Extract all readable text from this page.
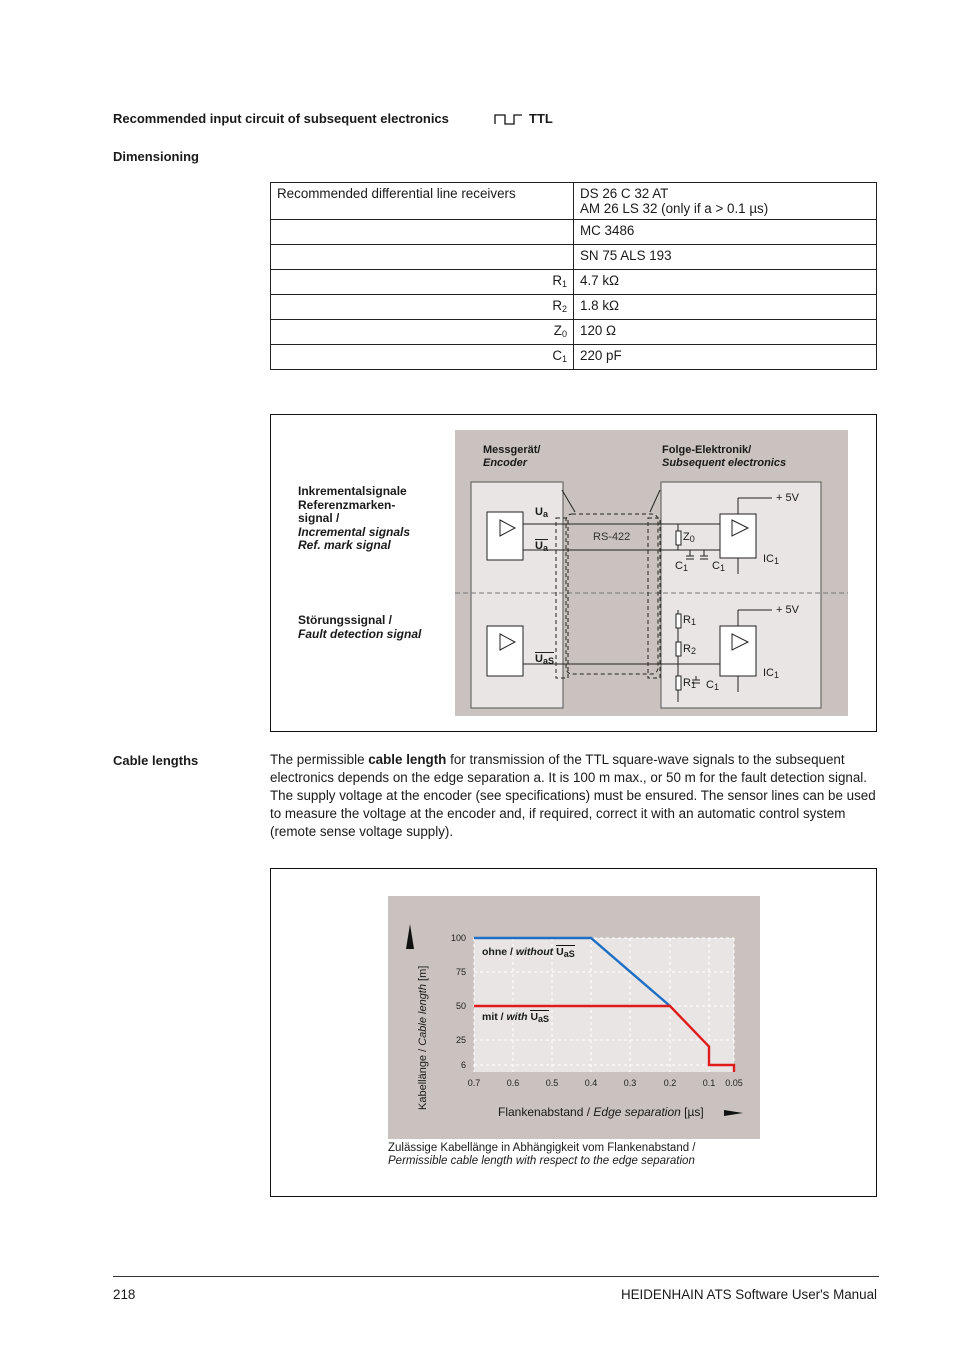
Recommended input circuit of subsequent electronics	TTL
Dimensioning
Recommended differential line receivers	DS 26 C 32 AT
AM 26 LS 32 (only if a > 0.1 µs)

	MC 3486

	SN 75 ALS 193

$R_1$	4.7 kΩ

$R_2$	1.8 kΩ

$Z_0$	120 Ω

$C_1$	220 pF
Messgerät/
Encoder
Folge-Elektronik/
Subsequent electronics
Inkrementalsignale
Referenzmarken-
signal /
Incremental signals
Ref. mark signal
Störungssignal /
Fault detection signal
$U_a$
$U_a$
$U_{aS}$
RS-422
+ 5V
+ 5V
$IC_1$
$IC_1$
$Z_0$
$C_1$ $C_1$
$R_1$
$R_2$
$R_1$ $C_1$
Cable lengths	The permissible cable length for transmission of the TTL square-wave signals to the subsequent electronics depends on the edge separation a. It is 100 m max., or 50 m for the fault detection signal. The supply voltage at the encoder (see specifications) must be ensured. The sensor lines can be used to measure the voltage at the encoder and, if required, correct it with an automatic control system (remote sense voltage supply).
100
75
50
25
6
0.7	0.6	0.5	0.4	0.3	0.2	0.1 0.05
Kabellänge / Cable length [m]
Flankenabstand / Edge separation [µs]
ohne / without $U_{aS}$
mit / with $U_{aS}$
Zulässige Kabellänge in Abhängigkeit vom Flankenabstand /
Permissible cable length with respect to the edge separation
218	HEIDENHAIN ATS Software User's Manual
